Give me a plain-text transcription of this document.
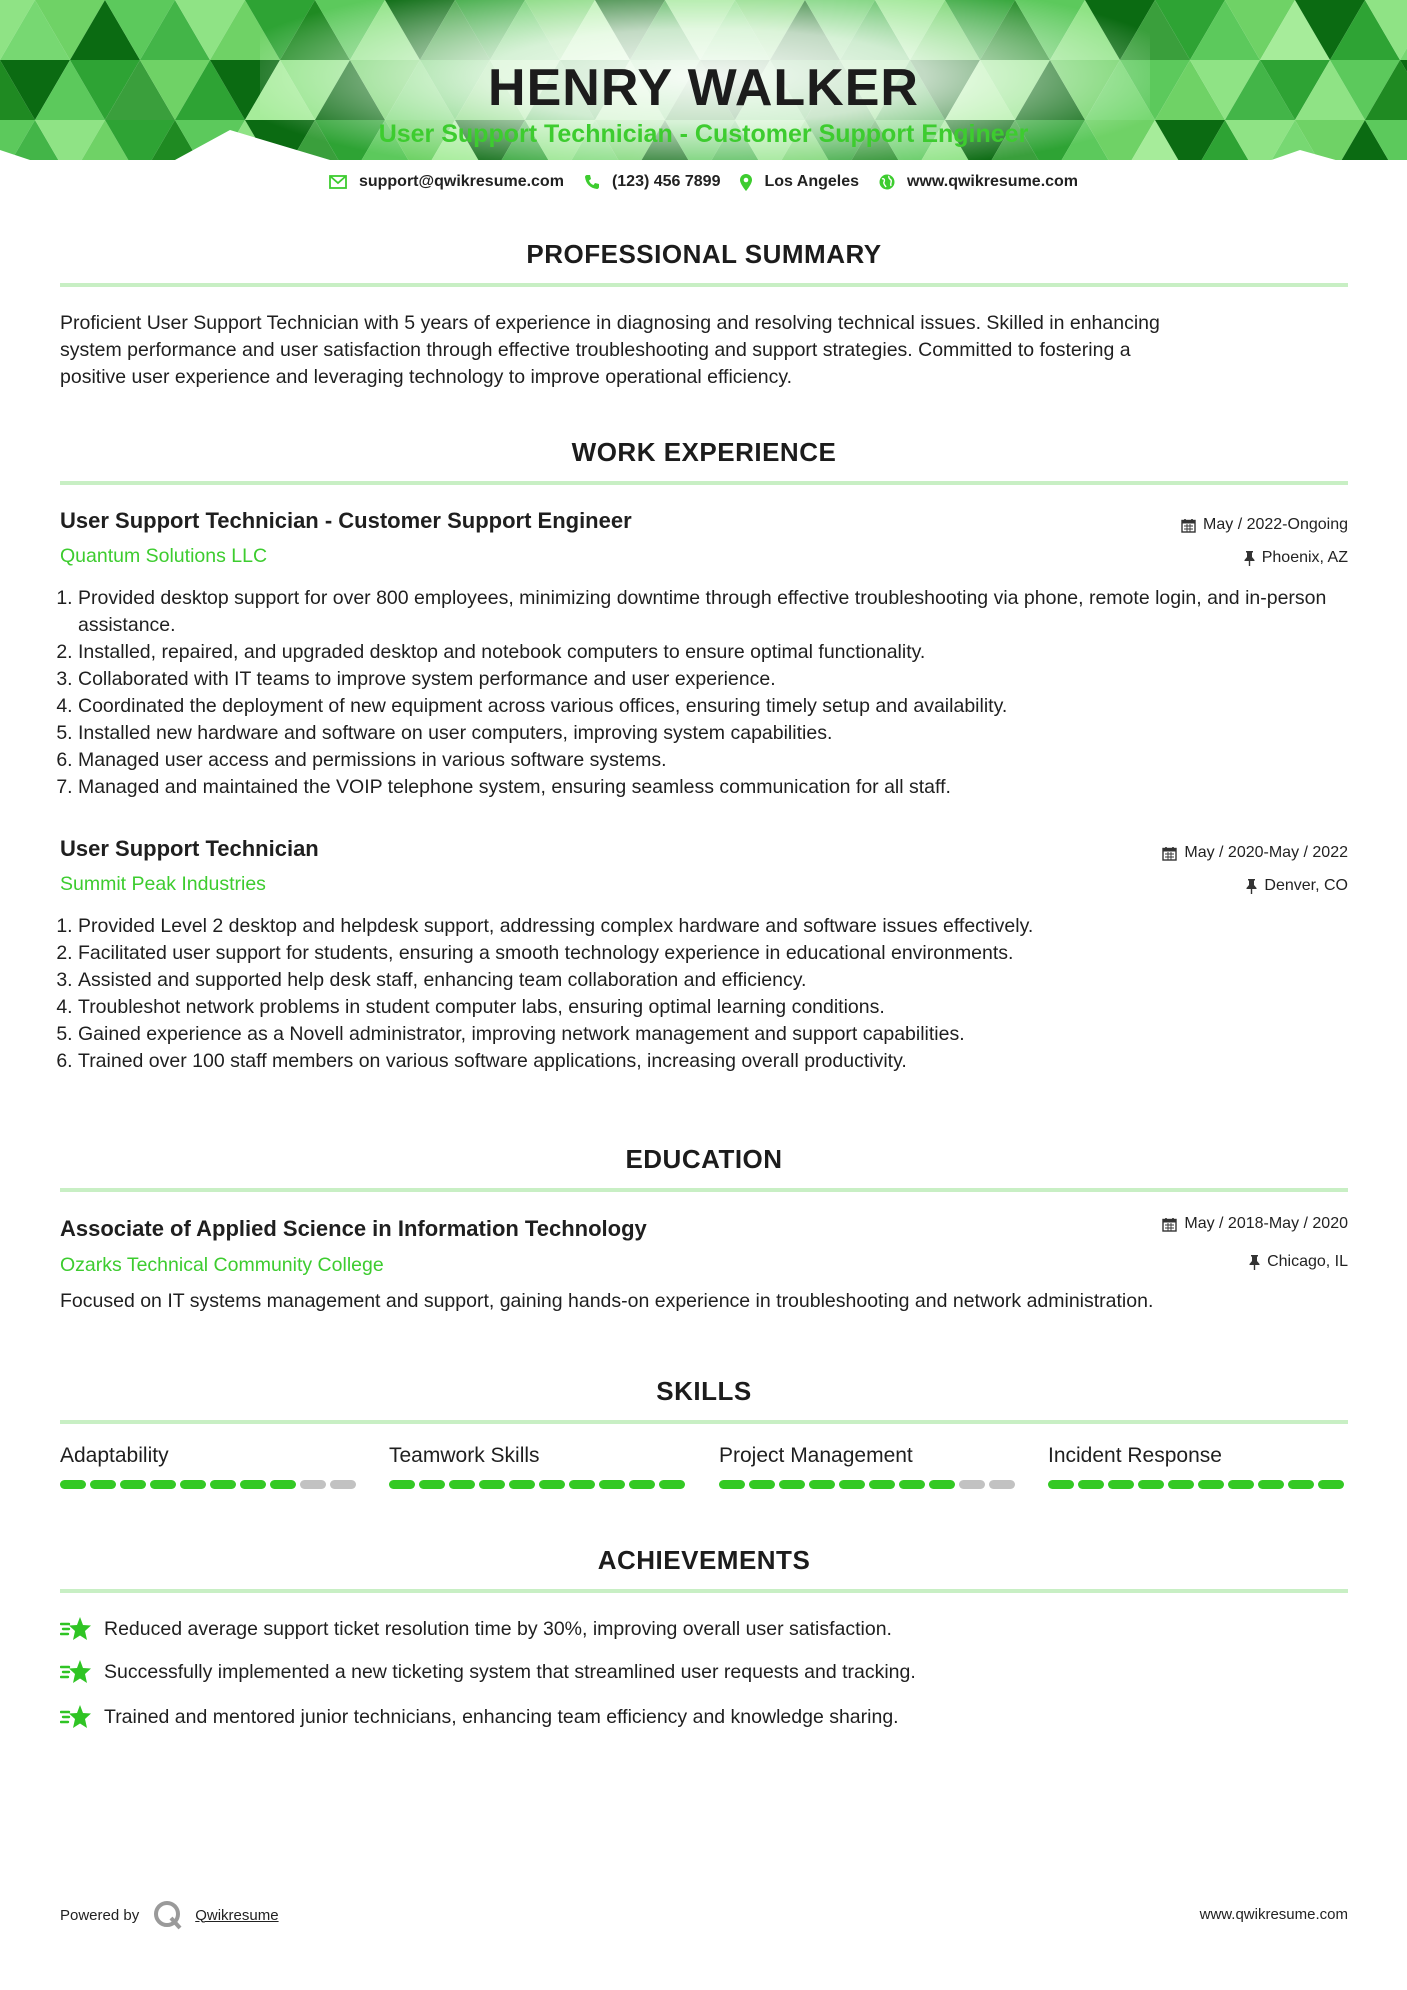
HENRY WALKER
User Support Technician - Customer Support Engineer
support@qwikresume.com	(123) 456 7899	Los Angeles	www.qwikresume.com
PROFESSIONAL SUMMARY
Proficient User Support Technician with 5 years of experience in diagnosing and resolving technical issues. Skilled in enhancing
system performance and user satisfaction through effective troubleshooting and support strategies. Committed to fostering a
positive user experience and leveraging technology to improve operational efficiency.
WORK EXPERIENCE
User Support Technician - Customer Support Engineer	May / 2022-Ongoing
Quantum Solutions LLC	Phoenix, AZ
1. Provided desktop support for over 800 employees, minimizing downtime through effective troubleshooting via phone, remote login, and in-person assistance.
2. Installed, repaired, and upgraded desktop and notebook computers to ensure optimal functionality.
3. Collaborated with IT teams to improve system performance and user experience.
4. Coordinated the deployment of new equipment across various offices, ensuring timely setup and availability.
5. Installed new hardware and software on user computers, improving system capabilities.
6. Managed user access and permissions in various software systems.
7. Managed and maintained the VOIP telephone system, ensuring seamless communication for all staff.
User Support Technician	May / 2020-May / 2022
Summit Peak Industries	Denver, CO
1. Provided Level 2 desktop and helpdesk support, addressing complex hardware and software issues effectively.
2. Facilitated user support for students, ensuring a smooth technology experience in educational environments.
3. Assisted and supported help desk staff, enhancing team collaboration and efficiency.
4. Troubleshot network problems in student computer labs, ensuring optimal learning conditions.
5. Gained experience as a Novell administrator, improving network management and support capabilities.
6. Trained over 100 staff members on various software applications, increasing overall productivity.
EDUCATION
Associate of Applied Science in Information Technology	May / 2018-May / 2020
Ozarks Technical Community College	Chicago, IL
Focused on IT systems management and support, gaining hands-on experience in troubleshooting and network administration.
SKILLS
Adaptability	Teamwork Skills	Project Management	Incident Response
ACHIEVEMENTS
Reduced average support ticket resolution time by 30%, improving overall user satisfaction.
Successfully implemented a new ticketing system that streamlined user requests and tracking.
Trained and mentored junior technicians, enhancing team efficiency and knowledge sharing.
Powered by	Qwikresume	www.qwikresume.com
